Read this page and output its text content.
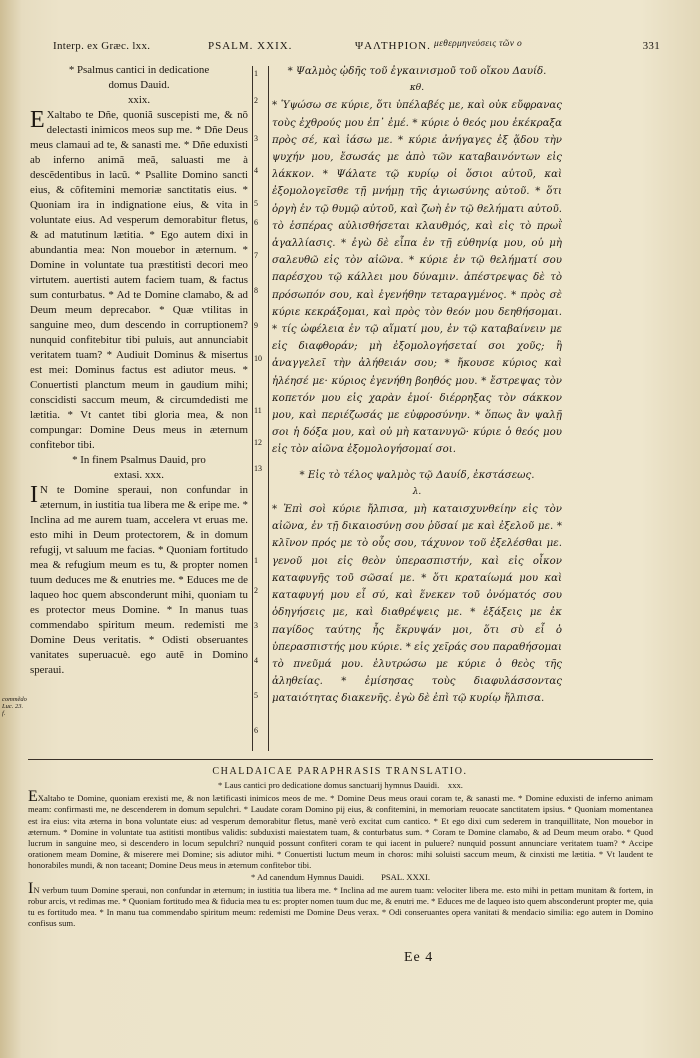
Interp. ex Græc. lxx.	PSALM. XXIX.	ΨΑΛΤΗΡΙΟΝ. μεθερμηνεύσεις τῶν ο	331

* Psalmus cantici in dedicatione

domus Dauid.

xxix.

E Xaltabo te Dñe, quoniã suscepisti me, & nõ delectasti inimicos meos sup me. * Dñe Deus meus clamaui ad te, & sanasti me. * Dñe eduxisti ab inferno animã meã, saluasti me à descẽdentibus in lacũ. * Psallite Domino sancti eius, & cõfitemini memoriæ sanctitatis eius. * Quoniam ira in indignatione eius, & vita in voluntate eius. Ad vesperum demorabitur fletus, & ad matutinum lætitia. * Ego autem dixi in abundantia mea: Non mouebor in æternum. * Domine in voluntate tua præstitisti decori meo virtutem. auertisti autem faciem tuam, & factus sum conturbatus. * Ad te Domine clamabo, & ad Deum meum deprecabor. * Quæ vtilitas in sanguine meo, dum descendo in corruptionem? nunquid confitebitur tibi puluis, aut annunciabit veritatem tuam? * Audiuit Dominus & misertus est mei: Dominus factus est adiutor meus. * Conuertisti planctum meum in gaudium mihi; conscidisti saccum meum, & circumdedisti me lætitia. * Vt cantet tibi gloria mea, & non compungar: Domine Deus meus in æternum confitebor tibi.

* In finem Psalmus Dauid, pro

extasi. xxx.

I N te Domine speraui, non confundar in æternum, in iustitia tua libera me & eripe me. * Inclina ad me aurem tuam, accelera vt eruas me. esto mihi in Deum protectorem, & in domum refugij, vt saluum me facias. * Quoniam fortitudo mea & refugium meum es tu, & propter nomen tuum deduces me & enutries me. * Educes me de laqueo hoc quem absconderunt mihi, quoniam tu es protector meus Domine. * In manus tuas commendabo spiritum meum. redemisti me Domine Deus veritatis. * Odisti obseruantes vanitates superuacuè. ego autẽ in Domino speraui.

commẽdo Luc. 23. f.
1
2
3
4
5
6
7
8
9
10
11
12
13
1
2
3
4
5
6

* Ψαλμὸς ᾠδῆς τοῦ ἐγκαινισμοῦ τοῦ οἴκου Δαυίδ.

κθ.

* Ὑψώσω σε κύριε, ὅτι ὑπέλαβές με, καὶ οὐκ εὔφρανας τοὺς ἐχθρούς μου ἐπ᾽ ἐμέ. * κύριε ὁ θεός μου ἐκέκραξα πρὸς σέ, καὶ ἰάσω με. * κύριε ἀνήγαγες ἐξ ᾅδου τὴν ψυχήν μου, ἔσωσάς με ἀπὸ τῶν καταβαινόντων εἰς λάκκον. * Ψάλατε τῷ κυρίῳ οἱ ὅσιοι αὐτοῦ, καὶ ἐξομολογεῖσθε τῇ μνήμῃ τῆς ἁγιωσύνης αὐτοῦ. * ὅτι ὀργὴ ἐν τῷ θυμῷ αὐτοῦ, καὶ ζωὴ ἐν τῷ θελήματι αὐτοῦ. τὸ ἑσπέρας αὐλισθήσεται κλαυθμός, καὶ εἰς τὸ πρωῒ ἀγαλλίασις. * ἐγὼ δὲ εἶπα ἐν τῇ εὐθηνίᾳ μου, οὐ μὴ σαλευθῶ εἰς τὸν αἰῶνα. * κύριε ἐν τῷ θελήματί σου παρέσχου τῷ κάλλει μου δύναμιν. ἀπέστρεψας δὲ τὸ πρόσωπόν σου, καὶ ἐγενήθην τεταραγμένος. * πρὸς σὲ κύριε κεκράξομαι, καὶ πρὸς τὸν θεόν μου δεηθήσομαι. * τίς ὠφέλεια ἐν τῷ αἵματί μου, ἐν τῷ καταβαίνειν με εἰς διαφθοράν; μὴ ἐξομολογήσεταί σοι χοῦς; ἢ ἀναγγελεῖ τὴν ἀλήθειάν σου; * ἤκουσε κύριος καὶ ἠλέησέ με· κύριος ἐγενήθη βοηθός μου. * ἔστρεψας τὸν κοπετόν μου εἰς χαρὰν ἐμοί· διέρρηξας τὸν σάκκον μου, καὶ περιέζωσάς με εὐφροσύνην. * ὅπως ἂν ψαλῇ σοι ἡ δόξα μου, καὶ οὐ μὴ κατανυγῶ· κύριε ὁ θεός μου εἰς τὸν αἰῶνα ἐξομολογήσομαί σοι.

* Εἰς τὸ τέλος ψαλμὸς τῷ Δαυίδ, ἐκστάσεως.

λ.

* Ἐπὶ σοὶ κύριε ἤλπισα, μὴ καταισχυνθείην εἰς τὸν αἰῶνα, ἐν τῇ δικαιοσύνῃ σου ῥῦσαί με καὶ ἐξελοῦ με. * κλῖνον πρός με τὸ οὖς σου, τάχυνον τοῦ ἐξελέσθαι με. γενοῦ μοι εἰς θεὸν ὑπερασπιστήν, καὶ εἰς οἶκον καταφυγῆς τοῦ σῶσαί με. * ὅτι κραταίωμά μου καὶ καταφυγή μου εἶ σύ, καὶ ἕνεκεν τοῦ ὀνόματός σου ὁδηγήσεις με, καὶ διαθρέψεις με. * ἐξάξεις με ἐκ παγίδος ταύτης ἧς ἔκρυψάν μοι, ὅτι σὺ εἶ ὁ ὑπερασπιστής μου κύριε. * εἰς χεῖράς σου παραθήσομαι τὸ πνεῦμά μου. ἐλυτρώσω με κύριε ὁ θεὸς τῆς ἀληθείας. * ἐμίσησας τοὺς διαφυλάσσοντας ματαιότητας διακενῆς. ἐγὼ δὲ ἐπὶ τῷ κυρίῳ ἤλπισα.

CHALDAICAE PARAPHRASIS TRANSLATIO.

* Laus cantici pro dedicatione domus sanctuarij hymnus Dauidi. xxx.

EXaltabo te Domine, quoniam erexisti me, & non lætificasti inimicos meos de me. * Domine Deus meus oraui coram te, & sanasti me. * Domine eduxisti de inferno animam meam: confirmasti me, ne descenderem in domum sepulchri. * Laudate coram Domino pij eius, & confitemini, in memoriam reuocate sanctitatem ipsius. * Quoniam momentanea est ira eius: vita æterna in bona voluntate eius: ad vesperum demorabitur fletus, manè verò excitat cum cantico. * Et ego dixi cum sederem in tranquillitate, Non mouebor in æternum. * Domine in voluntate tua astitisti montibus validis: subduxisti maiestatem tuam, & conturbatus sum. * Coram te Domine clamabo, & ad Deum meum orabo. * Quod lucrum in sanguine meo, si descendero in locum sepulchri? nunquid possunt confiteri coram te qui iacent in puluere? nunquid possunt annunciare veritatem tuam? * Accipe orationem meam Domine, & miserere mei Domine; sis adiutor mihi. * Conuertisti luctum meum in choros: mihi soluisti saccum meum, & cinxisti me lætitia. * Vt laudent te honorabiles mundi, & non taceant; Domine Deus meus in æternum confitebor tibi.

* Ad canendum Hymnus Dauidi. PSAL. XXXI.

IN verbum tuum Domine speraui, non confundar in æternum; in iustitia tua libera me. * Inclina ad me aurem tuam: velociter libera me. esto mihi in pettam munitam & fortem, in robur arcis, vt redimas me. * Quoniam fortitudo mea & fiducia mea tu es: propter nomen tuum duc me, & enutri me. * Educes me de laqueo isto quem absconderunt propter me, quia tu es fortitudo mea. * In manu tua commendabo spiritum meum: redemisti me Domine Deus verax. * Odi conseruantes opera vanitati & mendacio similia: ego autem in Domino confisus sum.

Ee 4
